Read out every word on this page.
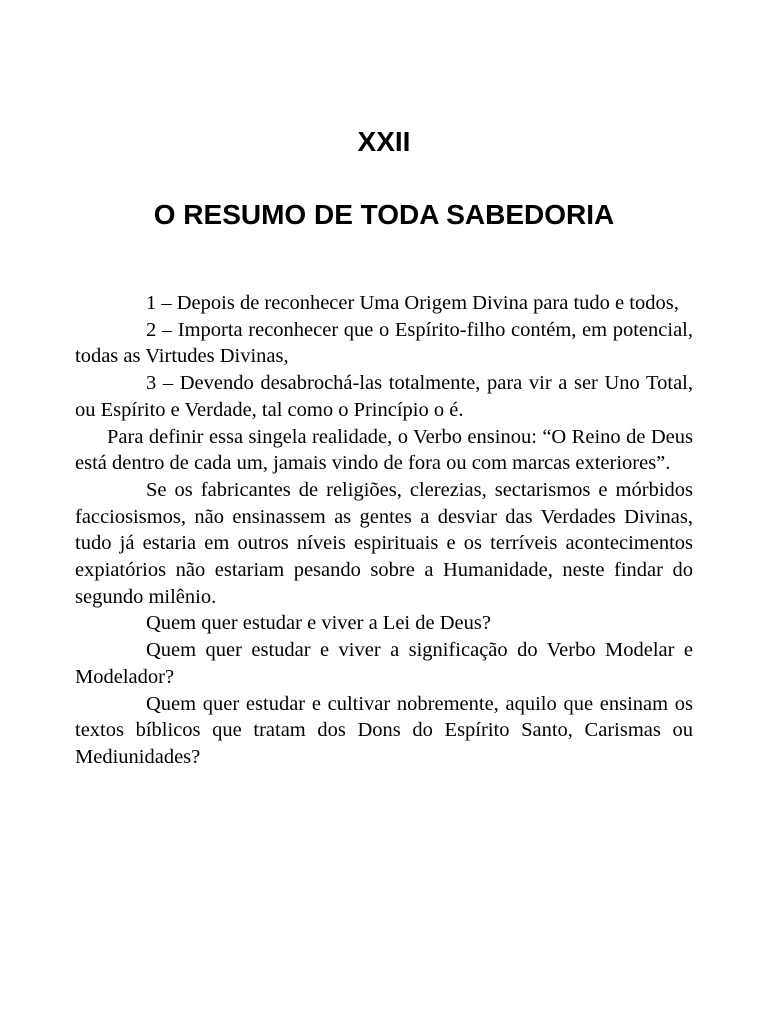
XXII
O RESUMO DE TODA SABEDORIA

1 – Depois de reconhecer Uma Origem Divina para tudo e todos,

2 – Importa reconhecer que o Espírito-filho contém, em potencial, todas as Virtudes Divinas,

3 – Devendo desabrochá-las totalmente, para vir a ser Uno Total, ou Espírito e Verdade, tal como o Princípio o é.

Para definir essa singela realidade, o Verbo ensinou: “O Reino de Deus está dentro de cada um, jamais vindo de fora ou com marcas exteriores”.

Se os fabricantes de religiões, clerezias, sectarismos e mórbidos facciosismos, não ensinassem as gentes a desviar das Verdades Divinas, tudo já estaria em outros níveis espirituais e os terríveis acontecimentos expiatórios não estariam pesando sobre a Humanidade, neste findar do segundo milênio.

Quem quer estudar e viver a Lei de Deus?

Quem quer estudar e viver a significação do Verbo Modelar e Modelador?

Quem quer estudar e cultivar nobremente, aquilo que ensinam os textos bíblicos que tratam dos Dons do Espírito Santo, Carismas ou Mediunidades?
